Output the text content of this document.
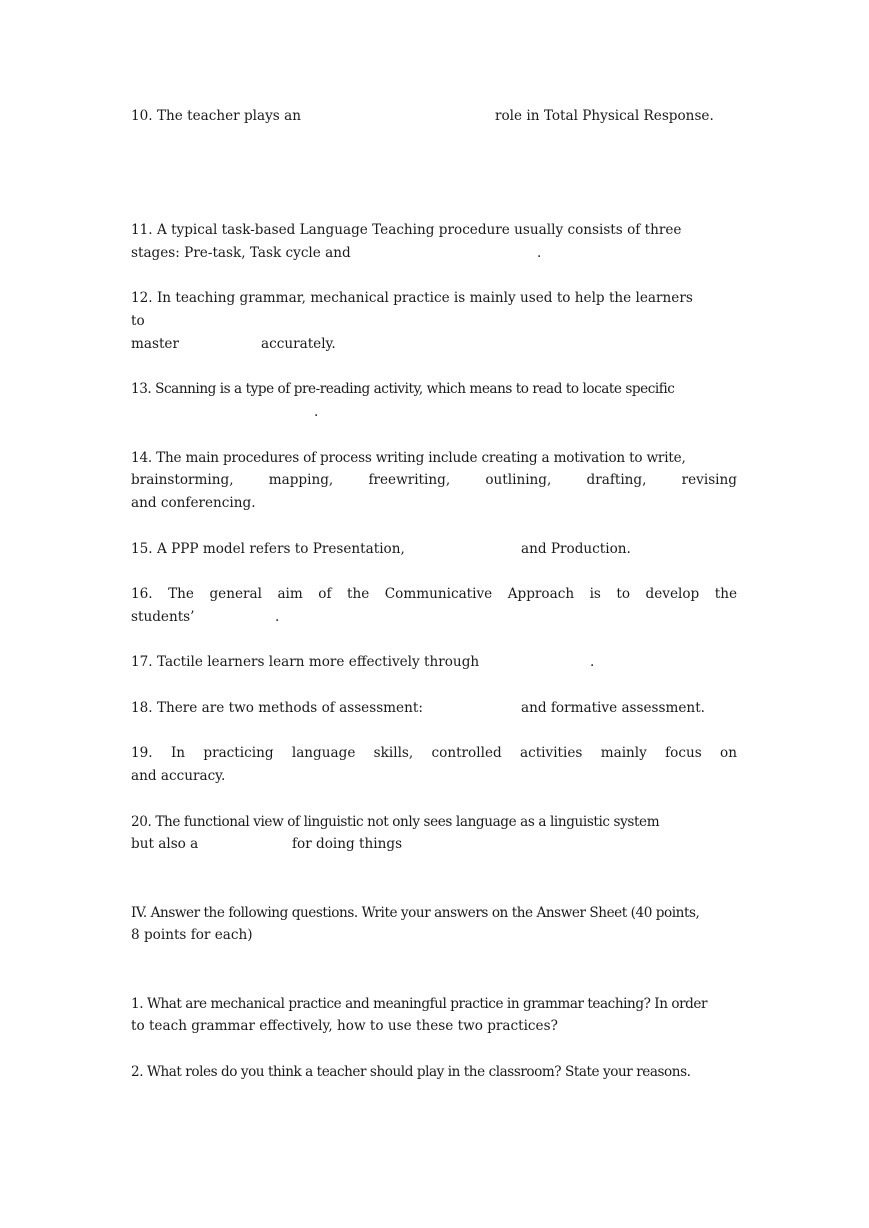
10. The teacher plays an	role in Total Physical Response.
11. A typical task-based Language Teaching procedure usually consists of three
stages: Pre-task, Task cycle and	.
12. In teaching grammar, mechanical practice is mainly used to help the learners
to
master	accurately.
13. Scanning is a type of pre-reading activity, which means to read to locate specific
.
14. The main procedures of process writing include creating a motivation to write,
brainstorming,	mapping,	freewriting,	outlining,	drafting,	revising
and conferencing.
15. A PPP model refers to Presentation,	and Production.
16. The general aim of the Communicative Approach is to develop the
students’	.
17. Tactile learners learn more effectively through	.
18. There are two methods of assessment:	and formative assessment.
19. In practicing language skills, controlled activities mainly focus on
and accuracy.
20. The functional view of linguistic not only sees language as a linguistic system
but also a	for doing things
IV. Answer the following questions. Write your answers on the Answer Sheet (40 points,
8 points for each)
1. What are mechanical practice and meaningful practice in grammar teaching? In order
to teach grammar effectively, how to use these two practices?
2. What roles do you think a teacher should play in the classroom? State your reasons.
